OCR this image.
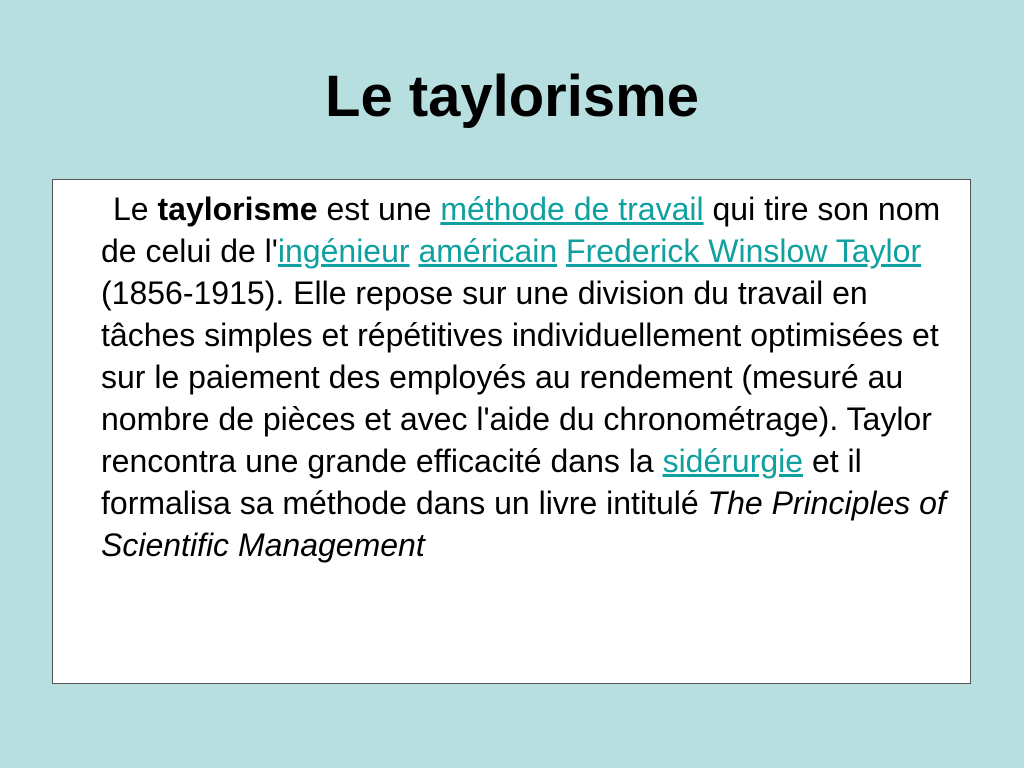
Le taylorisme

Le taylorisme est une méthode de travail qui tire son nom de celui de l'ingénieur américain Frederick Winslow Taylor (1856-1915). Elle repose sur une division du travail en tâches simples et répétitives individuellement optimisées et sur le paiement des employés au rendement (mesuré au nombre de pièces et avec l'aide du chronométrage). Taylor rencontra une grande efficacité dans la sidérurgie et il formalisa sa méthode dans un livre intitulé The Principles of Scientific Management
